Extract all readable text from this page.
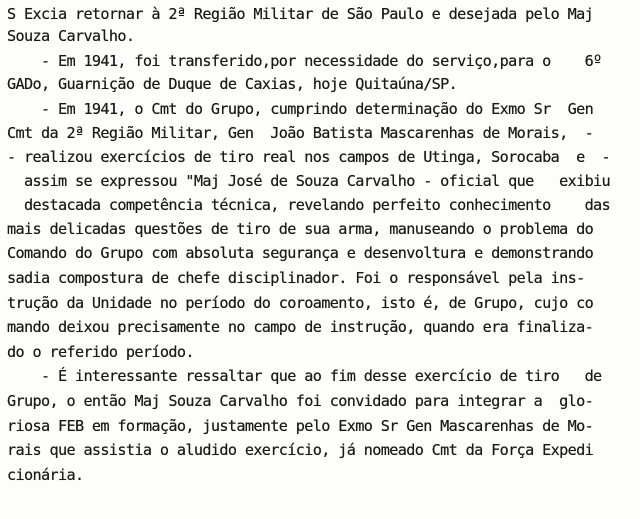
S Excia retornar à 2ª Região Militar de São Paulo e desejada pelo Maj
Souza Carvalho.
- Em 1941, foi transferido,por necessidade do serviço,para o    6º
GADo, Guarnição de Duque de Caxias, hoje Quitaúna/SP.
- Em 1941, o Cmt do Grupo, cumprindo determinação do Exmo Sr  Gen
Cmt da 2ª Região Militar, Gen  João Batista Mascarenhas de Morais,  -
- realizou exercícios de tiro real nos campos de Utinga, Sorocaba  e  -
assim se expressou "Maj José de Souza Carvalho - oficial que   exibiu
destacada competência técnica, revelando perfeito conhecimento    das
mais delicadas questões de tiro de sua arma, manuseando o problema do
Comando do Grupo com absoluta segurança e desenvoltura e demonstrando
sadia compostura de chefe disciplinador. Foi o responsável pela ins-
trução da Unidade no período do coroamento, isto é, de Grupo, cujo co
mando deixou precisamente no campo de instrução, quando era finaliza-
do o referido período.
- É interessante ressaltar que ao fim desse exercício de tiro   de
Grupo, o então Maj Souza Carvalho foi convidado para integrar a  glo-
riosa FEB em formação, justamente pelo Exmo Sr Gen Mascarenhas de Mo-
rais que assistia o aludido exercício, já nomeado Cmt da Força Expedi
cionária.
